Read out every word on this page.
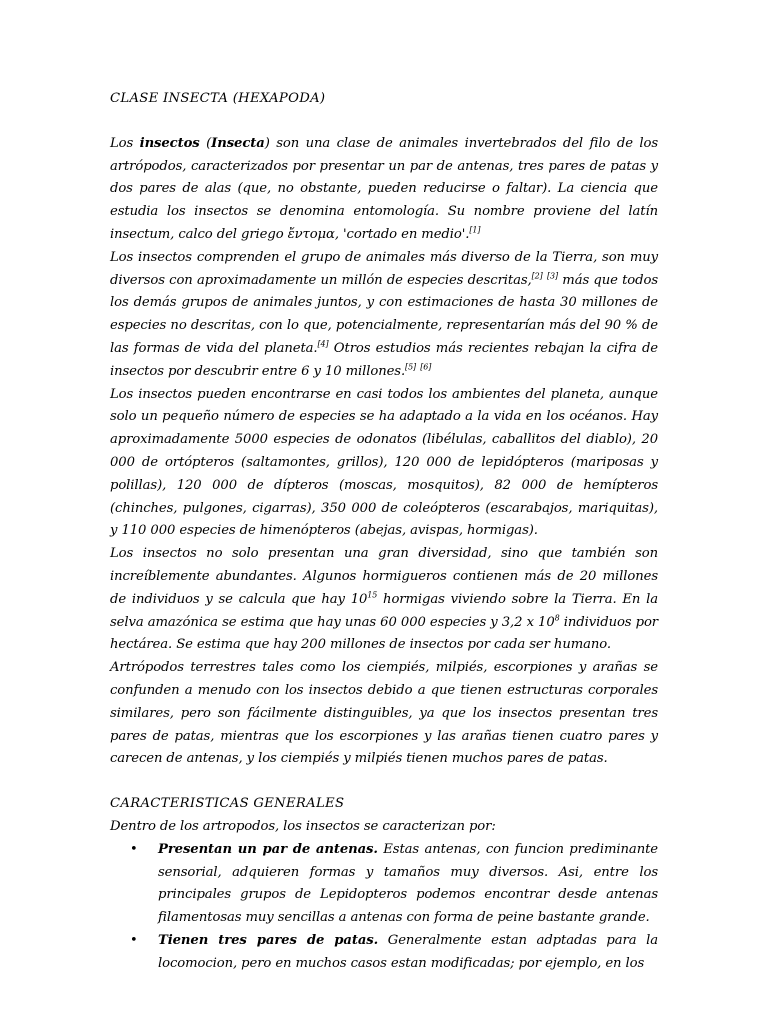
CLASE INSECTA (HEXAPODA)

Los insectos (Insecta) son una clase de animales invertebrados del filo de los artrópodos, caracterizados por presentar un par de antenas, tres pares de patas y dos pares de alas (que, no obstante, pueden reducirse o faltar). La ciencia que estudia los insectos se denomina entomología. Su nombre proviene del latín insectum, calco del griego ἔντομα, 'cortado en medio'.[1]

Los insectos comprenden el grupo de animales más diverso de la Tierra, son muy diversos con aproximadamente un millón de especies descritas,[2] [3] más que todos los demás grupos de animales juntos, y con estimaciones de hasta 30 millones de especies no descritas, con lo que, potencialmente, representarían más del 90 % de las formas de vida del planeta.[4] Otros estudios más recientes rebajan la cifra de insectos por descubrir entre 6 y 10 millones.[5] [6]

Los insectos pueden encontrarse en casi todos los ambientes del planeta, aunque solo un pequeño número de especies se ha adaptado a la vida en los océanos. Hay aproximadamente 5000 especies de odonatos (libélulas, caballitos del diablo), 20 000 de ortópteros (saltamontes, grillos), 120 000 de lepidópteros (mariposas y polillas), 120 000 de dípteros (moscas, mosquitos), 82 000 de hemípteros (chinches, pulgones, cigarras), 350 000 de coleópteros (escarabajos, mariquitas), y 110 000 especies de himenópteros (abejas, avispas, hormigas).

Los insectos no solo presentan una gran diversidad, sino que también son increíblemente abundantes. Algunos hormigueros contienen más de 20 millones de individuos y se calcula que hay $10^{15}$ hormigas viviendo sobre la Tierra. En la selva amazónica se estima que hay unas 60 000 especies y 3,2 x $10^8$ individuos por hectárea. Se estima que hay 200 millones de insectos por cada ser humano.

Artrópodos terrestres tales como los ciempiés, milpiés, escorpiones y arañas se confunden a menudo con los insectos debido a que tienen estructuras corporales similares, pero son fácilmente distinguibles, ya que los insectos presentan tres pares de patas, mientras que los escorpiones y las arañas tienen cuatro pares y carecen de antenas, y los ciempiés y milpiés tienen muchos pares de patas.

CARACTERISTICAS GENERALES

Dentro de los artropodos, los insectos se caracterizan por:

• Presentan un par de antenas. Estas antenas, con funcion prediminante sensorial, adquieren formas y tamaños muy diversos. Asi, entre los principales grupos de Lepidopteros podemos encontrar desde antenas filamentosas muy sencillas a antenas con forma de peine bastante grande.
• Tienen tres pares de patas. Generalmente estan adptadas para la locomocion, pero en muchos casos estan modificadas; por ejemplo, en los
